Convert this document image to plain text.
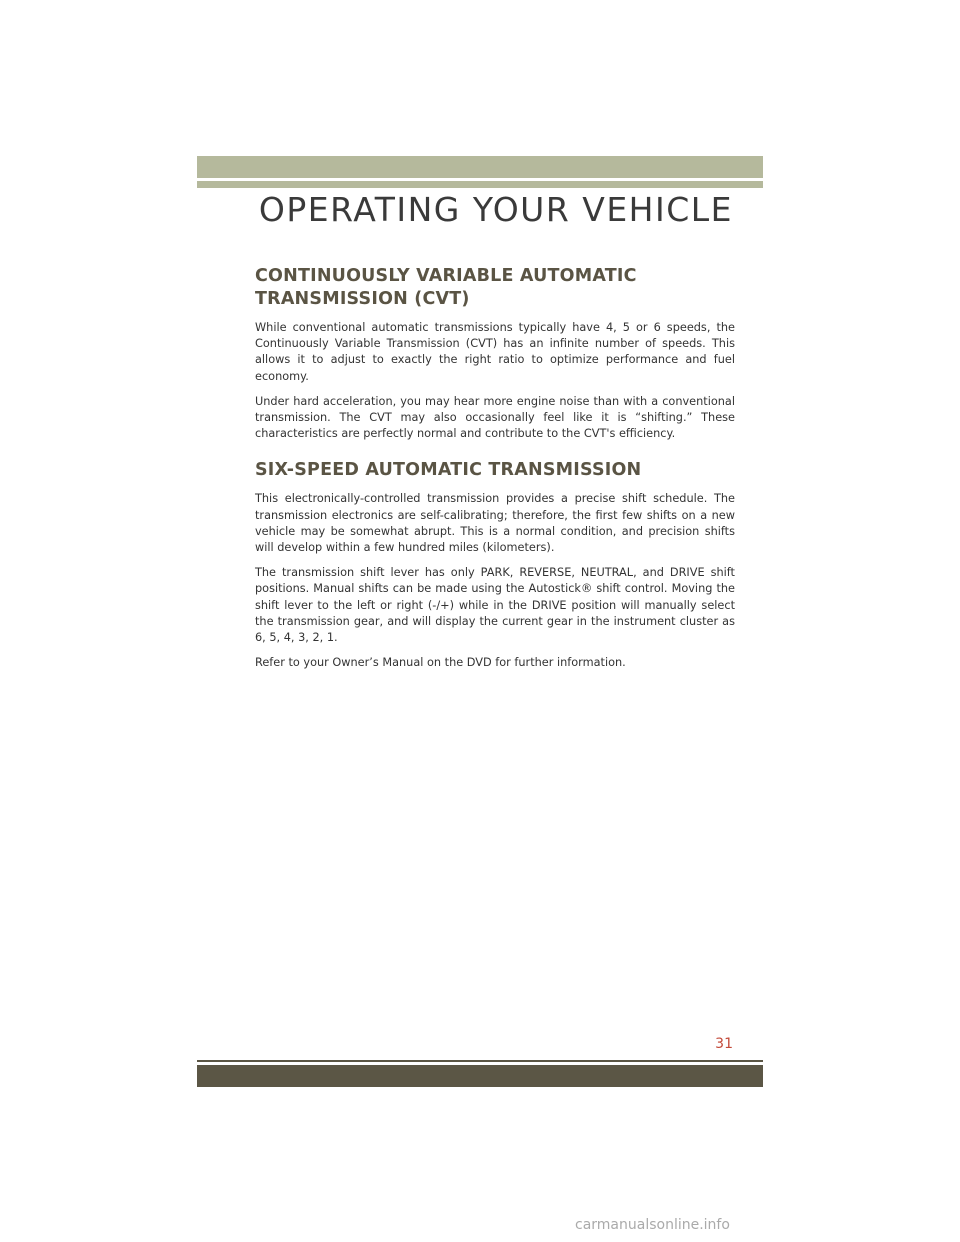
OPERATING YOUR VEHICLE
CONTINUOUSLY VARIABLE AUTOMATIC
TRANSMISSION (CVT)

While conventional automatic transmissions typically have 4, 5 or 6 speeds, the Continuously Variable Transmission (CVT) has an infinite number of speeds. This allows it to adjust to exactly the right ratio to optimize performance and fuel economy.

Under hard acceleration, you may hear more engine noise than with a conventional transmission. The CVT may also occasionally feel like it is “shifting.” These characteristics are perfectly normal and contribute to the CVT's efficiency.

SIX-SPEED AUTOMATIC TRANSMISSION

This electronically-controlled transmission provides a precise shift schedule. The transmission electronics are self-calibrating; therefore, the first few shifts on a new vehicle may be somewhat abrupt. This is a normal condition, and precision shifts will develop within a few hundred miles (kilometers).

The transmission shift lever has only PARK, REVERSE, NEUTRAL, and DRIVE shift positions. Manual shifts can be made using the Autostick® shift control. Moving the shift lever to the left or right (-/+) while in the DRIVE position will manually select the transmission gear, and will display the current gear in the instrument cluster as 6, 5, 4, 3, 2, 1.

Refer to your Owner’s Manual on the DVD for further information.

31
carmanualsonline.info
